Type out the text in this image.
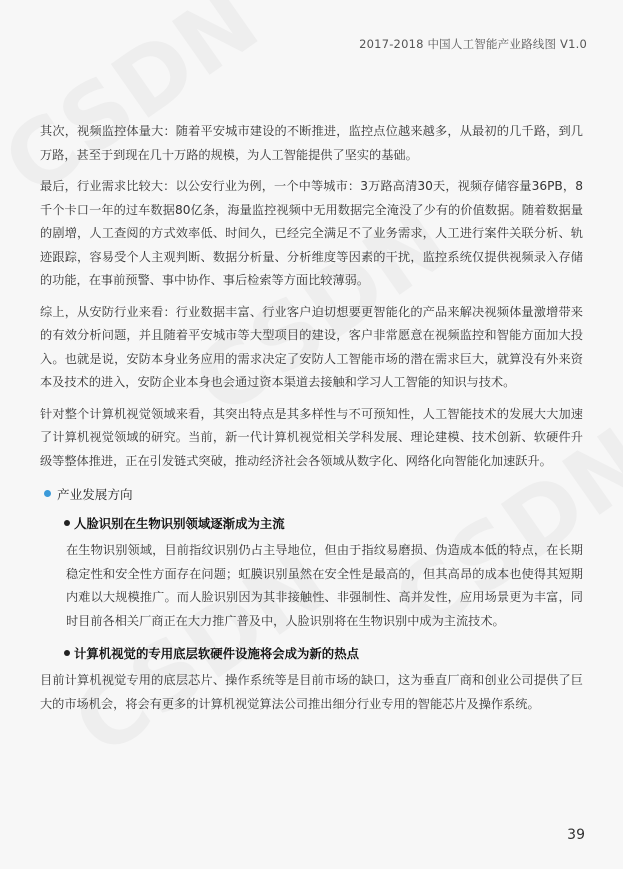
2017-2018 中国人工智能产业路线图 V1.0

其次，视频监控体量大：随着平安城市建设的不断推进，监控点位越来越多，从最初的几千路，到几万路，甚至于到现在几十万路的规模，为人工智能提供了坚实的基础。

最后，行业需求比较大：以公安行业为例，一个中等城市：3万路高清30天，视频存储容量36PB，8千个卡口一年的过车数据80亿条，海量监控视频中无用数据完全淹没了少有的价值数据。随着数据量的剧增，人工查阅的方式效率低、时间久，已经完全满足不了业务需求，人工进行案件关联分析、轨迹跟踪，容易受个人主观判断、数据分析量、分析维度等因素的干扰，监控系统仅提供视频录入存储的功能，在事前预警、事中协作、事后检索等方面比较薄弱。

综上，从安防行业来看：行业数据丰富、行业客户迫切想要更智能化的产品来解决视频体量激增带来的有效分析问题，并且随着平安城市等大型项目的建设，客户非常愿意在视频监控和智能方面加大投入。也就是说，安防本身业务应用的需求决定了安防人工智能市场的潜在需求巨大，就算没有外来资本及技术的进入，安防企业本身也会通过资本渠道去接触和学习人工智能的知识与技术。

针对整个计算机视觉领域来看，其突出特点是其多样性与不可预知性，人工智能技术的发展大大加速了计算机视觉领域的研究。当前，新一代计算机视觉相关学科发展、理论建模、技术创新、软硬件升级等整体推进，正在引发链式突破，推动经济社会各领域从数字化、网络化向智能化加速跃升。

产业发展方向
人脸识别在生物识别领域逐渐成为主流

在生物识别领域，目前指纹识别仍占主导地位，但由于指纹易磨损、伪造成本低的特点，在长期稳定性和安全性方面存在问题；虹膜识别虽然在安全性是最高的，但其高昂的成本也使得其短期内难以大规模推广。而人脸识别因为其非接触性、非强制性、高并发性，应用场景更为丰富，同时目前各相关厂商正在大力推广普及中，人脸识别将在生物识别中成为主流技术。

计算机视觉的专用底层软硬件设施将会成为新的热点

目前计算机视觉专用的底层芯片、操作系统等是目前市场的缺口，这为垂直厂商和创业公司提供了巨大的市场机会，将会有更多的计算机视觉算法公司推出细分行业专用的智能芯片及操作系统。

39
